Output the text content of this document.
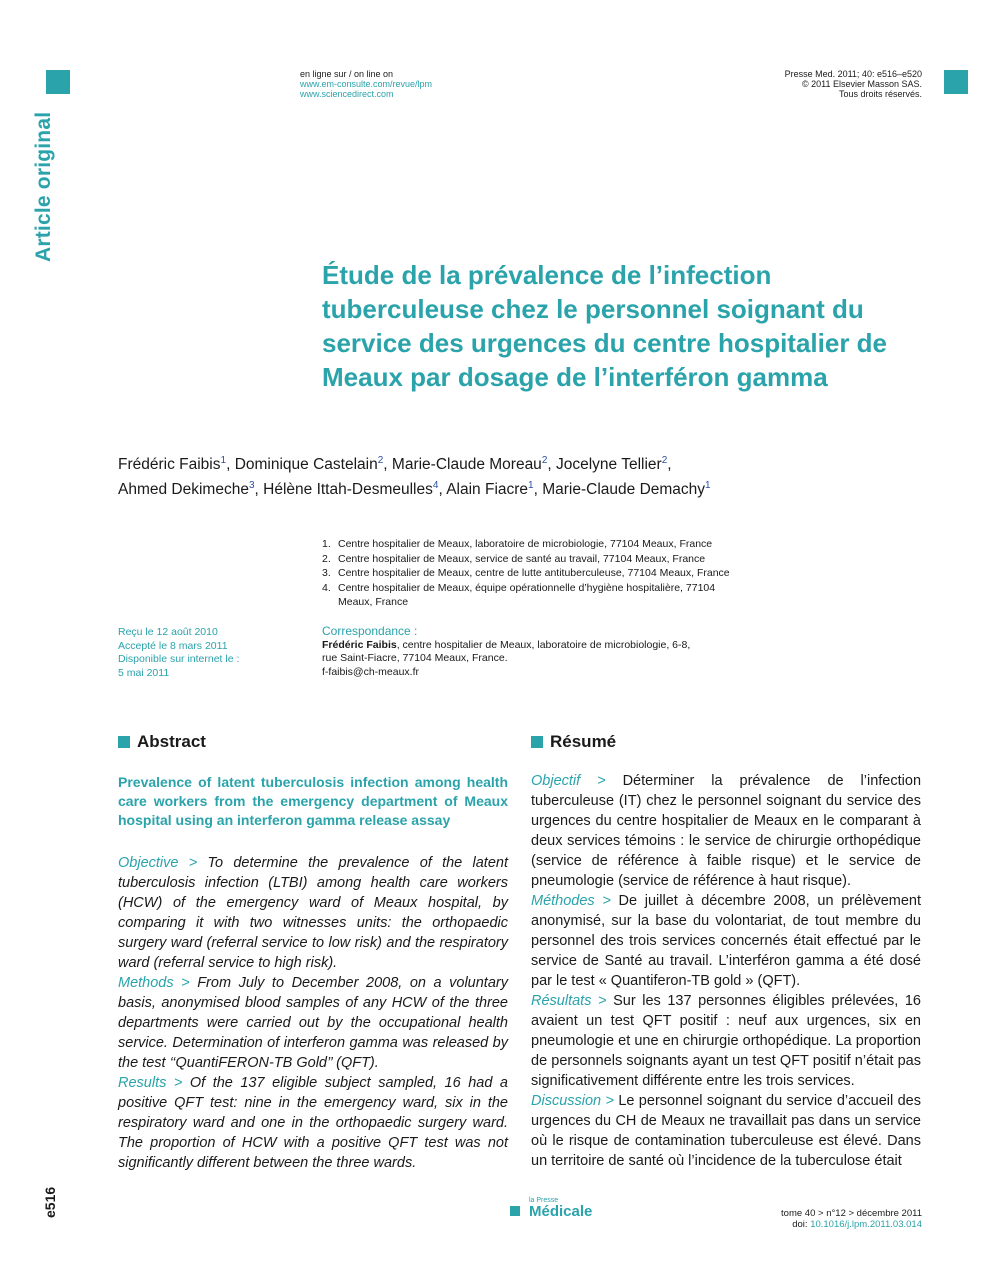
en ligne sur / on line on
www.em-consulte.com/revue/lpm
www.sciencedirect.com
Presse Med. 2011; 40: e516–e520
© 2011 Elsevier Masson SAS.
Tous droits réservés.
Article original
Étude de la prévalence de l’infection tuberculeuse chez le personnel soignant du service des urgences du centre hospitalier de Meaux par dosage de l’interféron gamma
Frédéric Faibis$^1$, Dominique Castelain$^2$, Marie-Claude Moreau$^2$, Jocelyne Tellier$^2$,
Ahmed Dekimeche$^3$, Hélène Ittah-Desmeulles$^4$, Alain Fiacre$^1$, Marie-Claude Demachy$^1$
1. Centre hospitalier de Meaux, laboratoire de microbiologie, 77104 Meaux, France
2. Centre hospitalier de Meaux, service de santé au travail, 77104 Meaux, France
3. Centre hospitalier de Meaux, centre de lutte antituberculeuse, 77104 Meaux, France
4. Centre hospitalier de Meaux, équipe opérationnelle d’hygiène hospitalière, 77104 Meaux, France
Reçu le 12 août 2010
Accepté le 8 mars 2011
Disponible sur internet le :
5 mai 2011
Correspondance :
Frédéric Faibis, centre hospitalier de Meaux, laboratoire de microbiologie, 6-8,
rue Saint-Fiacre, 77104 Meaux, France.
f-faibis@ch-meaux.fr
Abstract	Résumé
Prevalence of latent tuberculosis infection among health care workers from the emergency department of Meaux hospital using an interferon gamma release assay

Objective > To determine the prevalence of the latent tuberculosis infection (LTBI) among health care workers (HCW) of the emergency ward of Meaux hospital, by comparing it with two witnesses units: the orthopaedic surgery ward (referral service to low risk) and the respiratory ward (referral service to high risk).

Methods > From July to December 2008, on a voluntary basis, anonymised blood samples of any HCW of the three departments were carried out by the occupational health service. Determination of interferon gamma was released by the test ‘‘QuantiFERON-TB Gold’’ (QFT).

Results > Of the 137 eligible subject sampled, 16 had a positive QFT test: nine in the emergency ward, six in the respiratory ward and one in the orthopaedic surgery ward. The proportion of HCW with a positive QFT test was not significantly different between the three wards.

Objectif > Déterminer la prévalence de l’infection tuberculeuse (IT) chez le personnel soignant du service des urgences du centre hospitalier de Meaux en le comparant à deux services témoins : le service de chirurgie orthopédique (service de référence à faible risque) et le service de pneumologie (service de référence à haut risque).

Méthodes > De juillet à décembre 2008, un prélèvement anonymisé, sur la base du volontariat, de tout membre du personnel des trois services concernés était effectué par le service de Santé au travail. L’interféron gamma a été dosé par le test « Quantiferon-TB gold » (QFT).

Résultats > Sur les 137 personnes éligibles prélevées, 16 avaient un test QFT positif : neuf aux urgences, six en pneumologie et une en chirurgie orthopédique. La proportion de personnels soignants ayant un test QFT positif n’était pas significativement différente entre les trois services.

Discussion > Le personnel soignant du service d’accueil des urgences du CH de Meaux ne travaillait pas dans un service où le risque de contamination tuberculeuse est élevé. Dans un territoire de santé où l’incidence de la tuberculose était

e516	la Presse
Médicale	tome 40 > n°12 > décembre 2011
doi: 10.1016/j.lpm.2011.03.014
